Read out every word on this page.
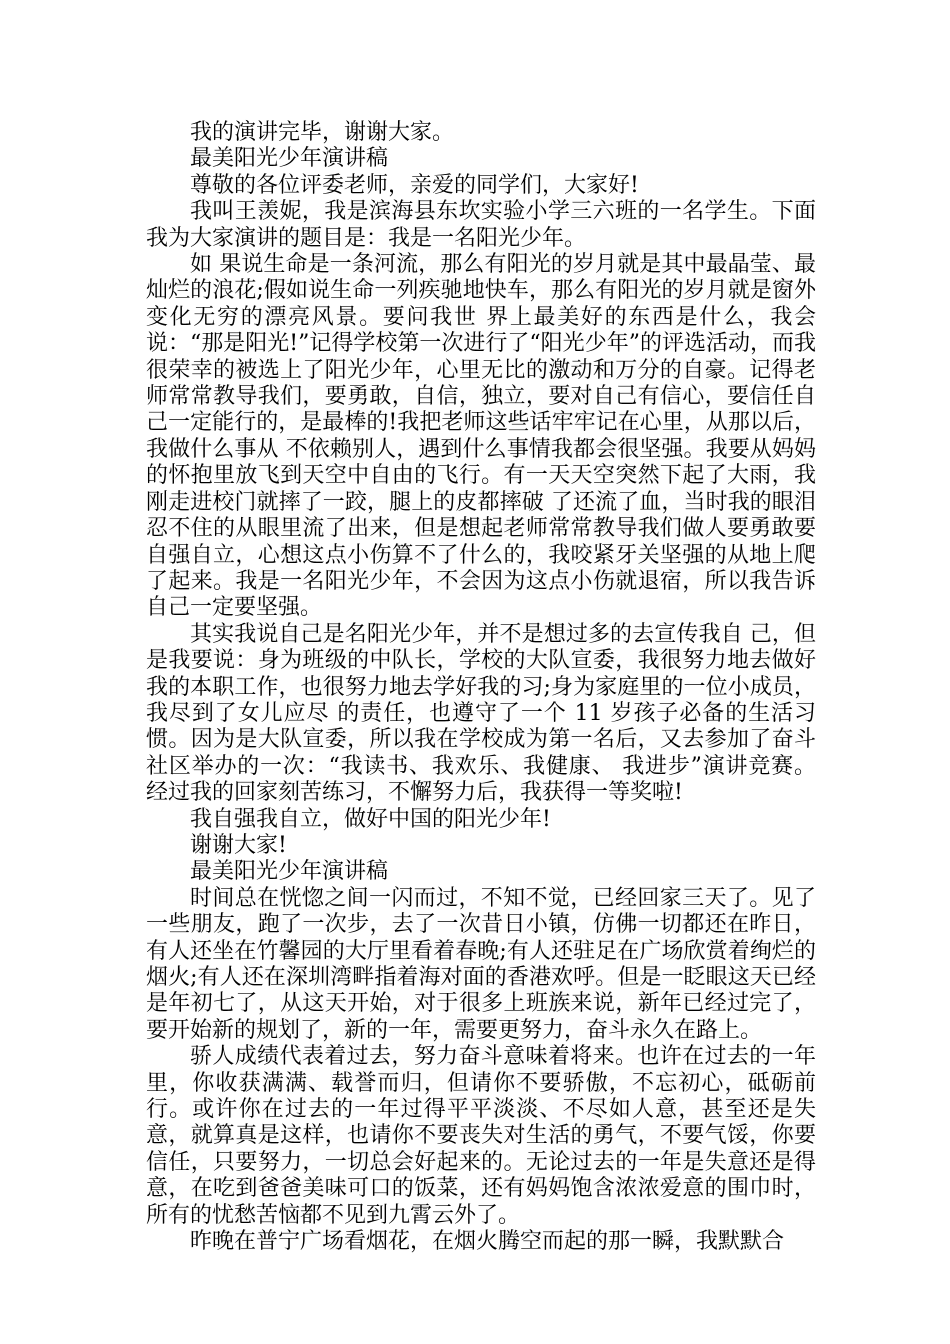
我的演讲完毕，谢谢大家。

最美阳光少年演讲稿

尊敬的各位评委老师，亲爱的同学们，大家好!

我叫王羡妮，我是滨海县东坎实验小学三六班的一名学生。下面我为大家演讲的题目是：我是一名阳光少年。

如 果说生命是一条河流，那么有阳光的岁月就是其中最晶莹、最灿烂的浪花;假如说生命一列疾驰地快车，那么有阳光的岁月就是窗外变化无穷的漂亮风景。要问我世 界上最美好的东西是什么，我会说：“那是阳光!”记得学校第一次进行了“阳光少年”的评选活动，而我很荣幸的被选上了阳光少年，心里无比的激动和万分的自豪。记得老师常常教导我们，要勇敢，自信，独立，要对自己有信心，要信任自己一定能行的，是最棒的!我把老师这些话牢牢记在心里，从那以后，我做什么事从 不依赖别人，遇到什么事情我都会很坚强。我要从妈妈的怀抱里放飞到天空中自由的飞行。有一天天空突然下起了大雨，我刚走进校门就摔了一跤，腿上的皮都摔破 了还流了血，当时我的眼泪忍不住的从眼里流了出来，但是想起老师常常教导我们做人要勇敢要自强自立，心想这点小伤算不了什么的，我咬紧牙关坚强的从地上爬 了起来。我是一名阳光少年，不会因为这点小伤就退宿，所以我告诉自己一定要坚强。

其实我说自己是名阳光少年，并不是想过多的去宣传我自 己，但是我要说：身为班级的中队长，学校的大队宣委，我很努力地去做好我的本职工作，也很努力地去学好我的习;身为家庭里的一位小成员，我尽到了女儿应尽 的责任，也遵守了一个 11 岁孩子必备的生活习惯。因为是大队宣委，所以我在学校成为第一名后，又去参加了奋斗社区举办的一次：“我读书、我欢乐、我健康、 我进步”演讲竞赛。 经过我的回家刻苦练习，不懈努力后，我获得一等奖啦!

我自强我自立，做好中国的阳光少年!

谢谢大家!

最美阳光少年演讲稿

时间总在恍惚之间一闪而过，不知不觉，已经回家三天了。见了一些朋友，跑了一次步，去了一次昔日小镇，仿佛一切都还在昨日，有人还坐在竹馨园的大厅里看着春晚;有人还驻足在广场欣赏着绚烂的烟火;有人还在深圳湾畔指着海对面的香港欢呼。但是一眨眼这天已经是年初七了，从这天开始，对于很多上班族来说，新年已经过完了，要开始新的规划了，新的一年，需要更努力，奋斗永久在路上。

骄人成绩代表着过去，努力奋斗意味着将来。也许在过去的一年里，你收获满满、载誉而归，但请你不要骄傲，不忘初心，砥砺前行。或许你在过去的一年过得平平淡淡、不尽如人意，甚至还是失意，就算真是这样，也请你不要丧失对生活的勇气，不要气馁，你要信任，只要努力，一切总会好起来的。无论过去的一年是失意还是得意，在吃到爸爸美味可口的饭菜，还有妈妈饱含浓浓爱意的围巾时，所有的忧愁苦恼都不见到九霄云外了。

昨晚在普宁广场看烟花，在烟火腾空而起的那一瞬，我默默合
